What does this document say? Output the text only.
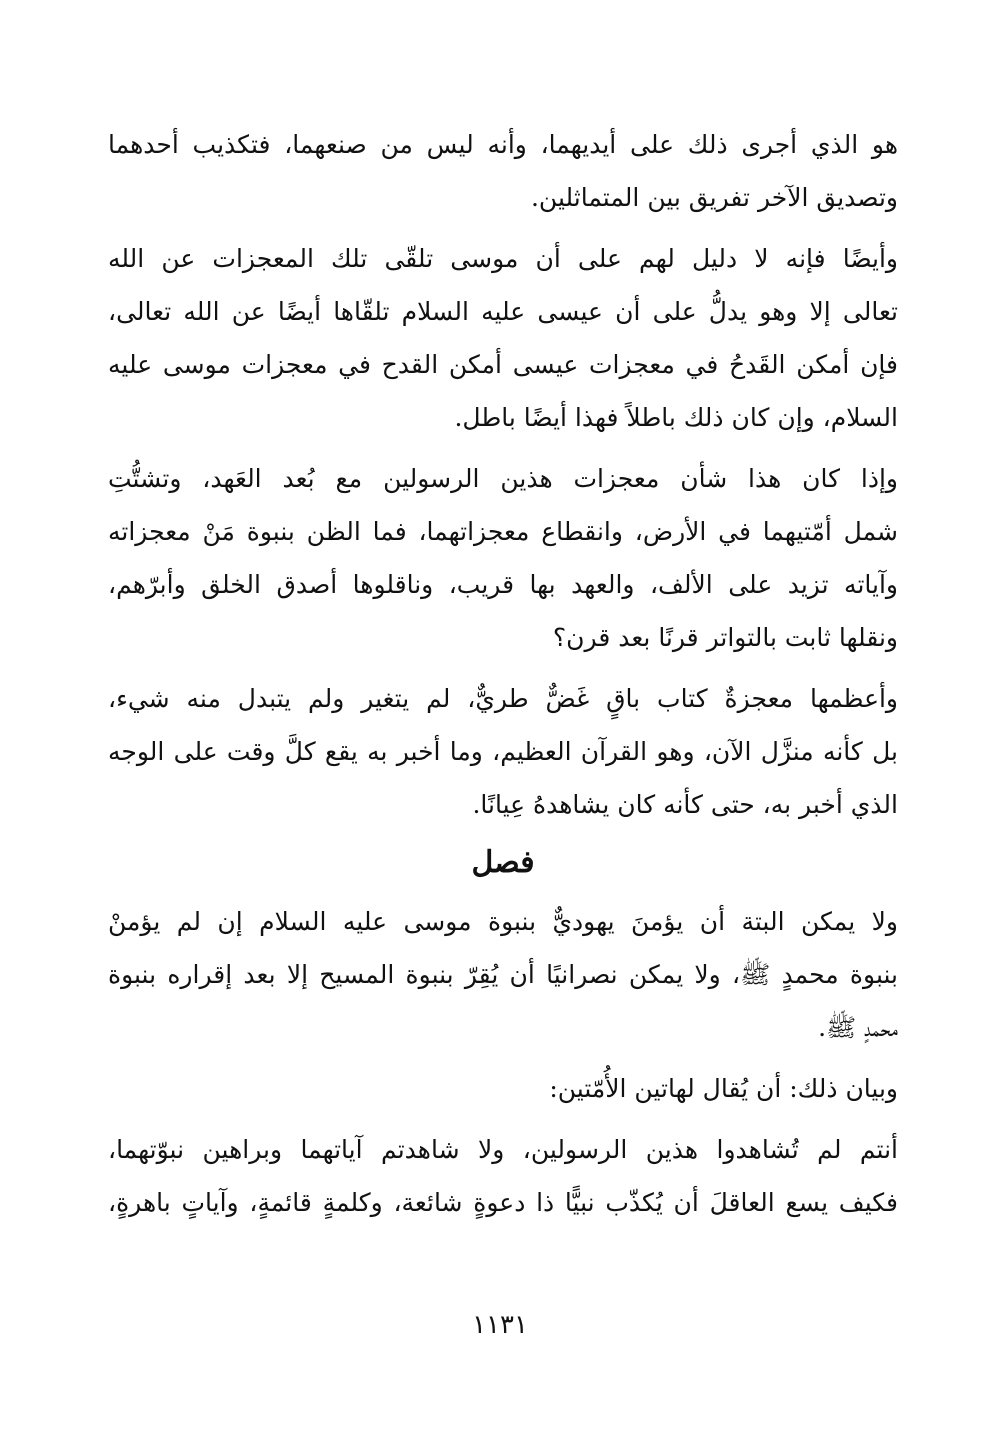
هو الذي أجرى ذلك على أيديهما، وأنه ليس من صنعهما، فتكذيب أحدهما
وتصديق الآخر تفريق بين المتماثلين.
وأيضًا فإنه لا دليل لهم على أن موسى تلقّى تلك المعجزات عن الله
تعالى إلا وهو يدلُّ على أن عيسى عليه السلام تلقّاها أيضًا عن الله تعالى،
فإن أمكن القَدحُ في معجزات عيسى أمكن القدح في معجزات موسى عليه
السلام، وإن كان ذلك باطلاً فهذا أيضًا باطل.
وإذا كان هذا شأن معجزات هذين الرسولين مع بُعد العَهد، وتشتُّتِ
شمل أمّتيهما في الأرض، وانقطاع معجزاتهما، فما الظن بنبوة مَنْ معجزاته
وآياته تزيد على الألف، والعهد بها قريب، وناقلوها أصدق الخلق وأبرّهم،
ونقلها ثابت بالتواتر قرنًا بعد قرن؟
وأعظمها معجزةٌ كتاب باقٍ غَضٌّ طريٌّ، لم يتغير ولم يتبدل منه شيء،
بل كأنه منزَّل الآن، وهو القرآن العظيم، وما أخبر به يقع كلَّ وقت على الوجه
الذي أخبر به، حتى كأنه كان يشاهدهُ عِيانًا.
فصل
ولا يمكن البتة أن يؤمنَ يهوديٌّ بنبوة موسى عليه السلام إن لم يؤمنْ
بنبوة محمدٍ ﷺ، ولا يمكن نصرانيًا أن يُقِرّ بنبوة المسيح إلا بعد إقراره بنبوة
محمدٍ ﷺ.
وبيان ذلك: أن يُقال لهاتين الأُمّتين:
أنتم لم تُشاهدوا هذين الرسولين، ولا شاهدتم آياتهما وبراهين نبوّتهما،
فكيف يسع العاقلَ أن يُكذّب نبيًّا ذا دعوةٍ شائعة، وكلمةٍ قائمةٍ، وآياتٍ باهرةٍ،
١١٣١
